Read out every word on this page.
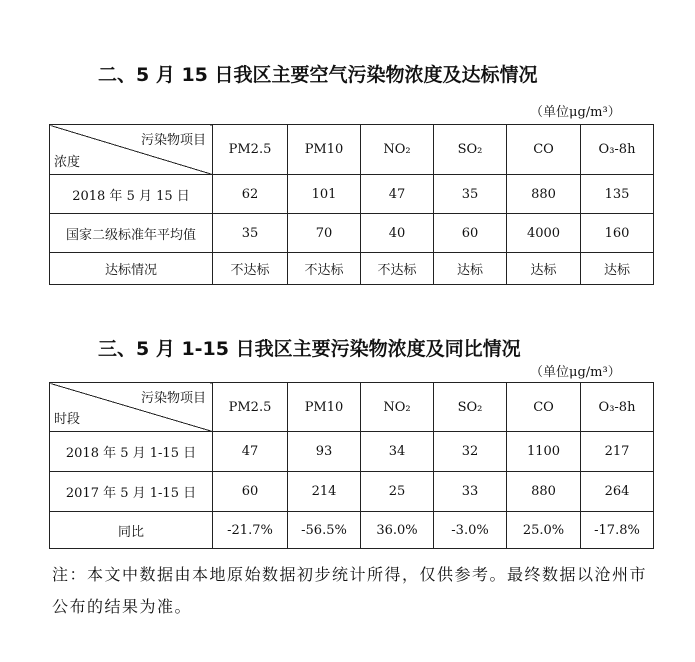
二、5 月 15 日我区主要空气污染物浓度及达标情况
（单位μg/m³）
污染物项目
浓度	PM2.5	PM10	NO₂	SO₂	CO	O₃-8h
2018 年 5 月 15 日	62	101	47	35	880	135
国家二级标准年平均值	35	70	40	60	4000	160
达标情况	不达标	不达标	不达标	达标	达标	达标
三、5 月 1-15 日我区主要污染物浓度及同比情况
（单位μg/m³）
污染物项目
时段	PM2.5	PM10	NO₂	SO₂	CO	O₃-8h
2018 年 5 月 1-15 日	47	93	34	32	1100	217
2017 年 5 月 1-15 日	60	214	25	33	880	264
同比	-21.7%	-56.5%	36.0%	-3.0%	25.0%	-17.8%
注：本文中数据由本地原始数据初步统计所得，仅供参考。最终数据以沧州市公布的结果为准。
